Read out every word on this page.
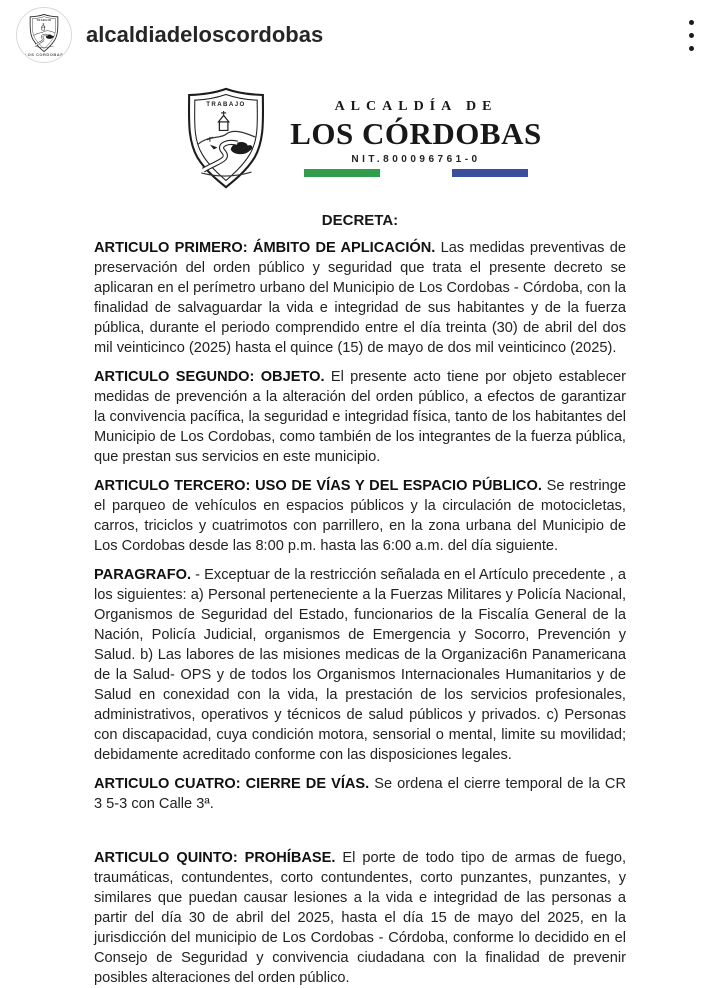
TRABAJO
LOS CORDOBAS
alcaldiadeloscordobas
TRABAJO
··········
··········
ALCALDÍA DE
LOS CÓRDOBAS
NIT.800096761-0
DECRETA:

ARTICULO PRIMERO: ÁMBITO DE APLICACIÓN. Las medidas preventivas de preservación del orden público y seguridad que trata el presente decreto se aplicaran en el perímetro urbano del Municipio de Los Cordobas - Córdoba, con la finalidad de salvaguardar la vida e integridad de sus habitantes y de la fuerza pública, durante el periodo comprendido entre el día treinta (30) de abril del dos mil veinticinco (2025) hasta el quince (15) de mayo de dos mil veinticinco (2025).

ARTICULO SEGUNDO: OBJETO. El presente acto tiene por objeto establecer medidas de prevención a la alteración del orden público, a efectos de garantizar la convivencia pacífica, la seguridad e integridad física, tanto de los habitantes del Municipio de Los Cordobas, como también de los integrantes de la fuerza pública, que prestan sus servicios en este municipio.

ARTICULO TERCERO: USO DE VÍAS Y DEL ESPACIO PÚBLICO. Se restringe el parqueo de vehículos en espacios públicos y la circulación de motocicletas, carros, triciclos y cuatrimotos con parrillero, en la zona urbana del Municipio de Los Cordobas desde las 8:00 p.m. hasta las 6:00 a.m. del día siguiente.

PARAGRAFO. - Exceptuar de la restricción señalada en el Artículo precedente , a los siguientes: a) Personal perteneciente a la Fuerzas Militares y Policía Nacional, Organismos de Seguridad del Estado, funcionarios de la Fiscalía General de la Nación, Policía Judicial, organismos de Emergencia y Socorro, Prevención y Salud. b) Las labores de las misiones medicas de la Organizaci6n Panamericana de la Salud- OPS y de todos los Organismos Internacionales Humanitarios y de Salud en conexidad con la vida, la prestación de los servicios profesionales, administrativos, operativos y técnicos de salud públicos y privados. c) Personas con discapacidad, cuya condición motora, sensorial o mental, limite su movilidad; debidamente acreditado conforme con las disposiciones legales.

ARTICULO CUATRO: CIERRE DE VÍAS. Se ordena el cierre temporal de la CR 3 5-3 con Calle 3ª.

ARTICULO QUINTO: PROHÍBASE. El porte de todo tipo de armas de fuego, traumáticas, contundentes, corto contundentes, corto punzantes, punzantes, y similares que puedan causar lesiones a la vida e integridad de las personas a partir del día 30 de abril del 2025, hasta el día 15 de mayo del 2025, en la jurisdicción del municipio de Los Cordobas - Córdoba, conforme lo decidido en el Consejo de Seguridad y convivencia ciudadana con la finalidad de prevenir posibles alteraciones del orden público.
